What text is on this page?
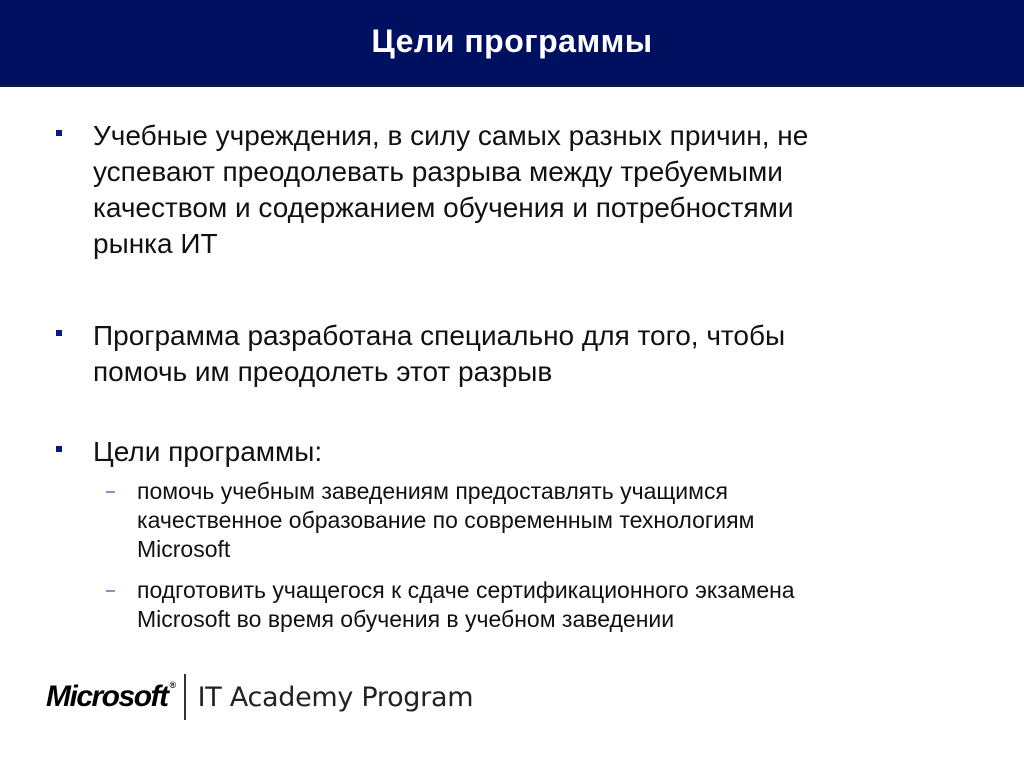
Цели программы
Учебные учреждения, в силу самых разных причин, не
успевают преодолевать разрыва между требуемыми
качеством и содержанием обучения и потребностями
рынка ИТ
Программа разработана специально для того, чтобы
помочь им преодолеть этот разрыв
Цели программы:
– помочь учебным заведениям предоставлять учащимся
качественное образование по современным технологиям
Microsoft
– подготовить учащегося к сдаче сертификационного экзамена
Microsoft во время обучения в учебном заведении
Microsoft ® IT Academy Program
